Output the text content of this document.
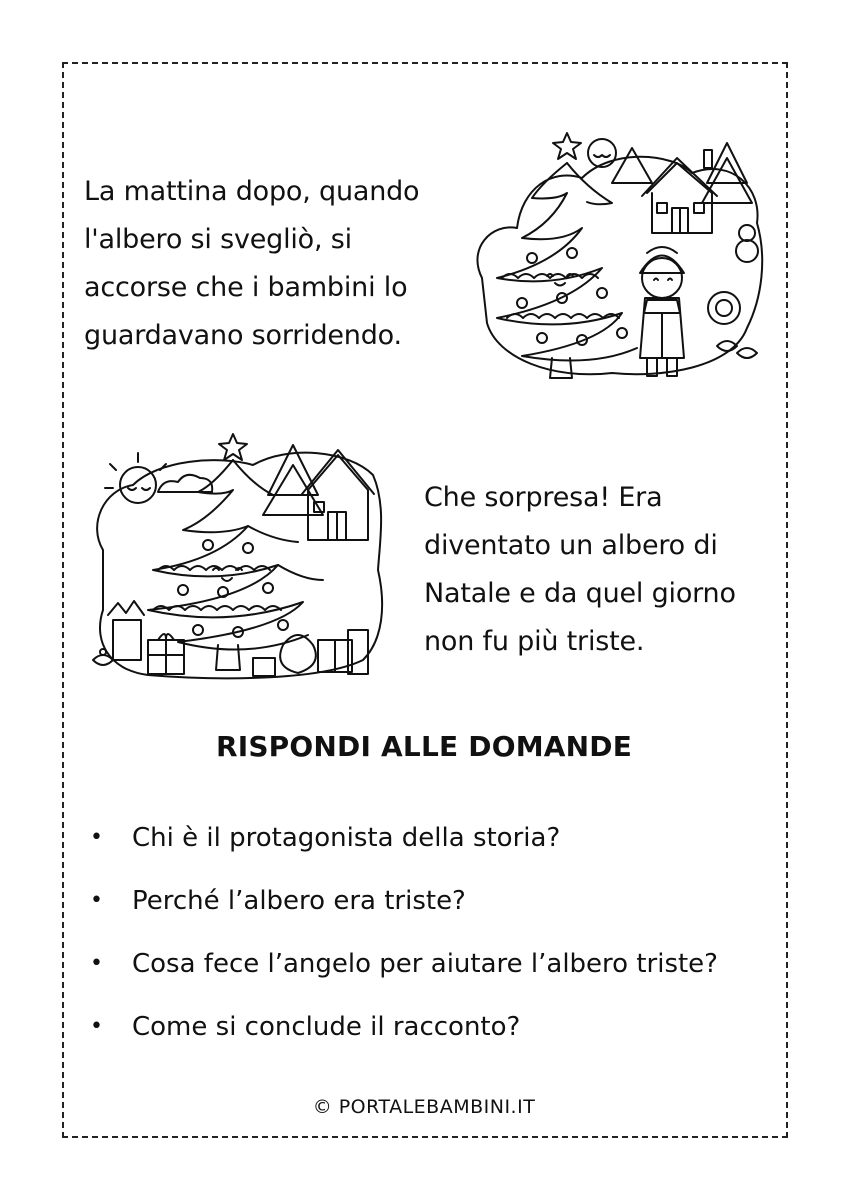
La mattina dopo, quando
l'albero si svegliò, si
accorse che i bambini lo
guardavano sorridendo.

Che sorpresa! Era
diventato un albero di
Natale e da quel giorno
non fu più triste.

RISPONDI ALLE DOMANDE
•	Chi è il protagonista della storia?
•	Perché l’albero era triste?
•	Cosa fece l’angelo per aiutare l’albero triste?
•	Come si conclude il racconto?
© PORTALEBAMBINI.IT
